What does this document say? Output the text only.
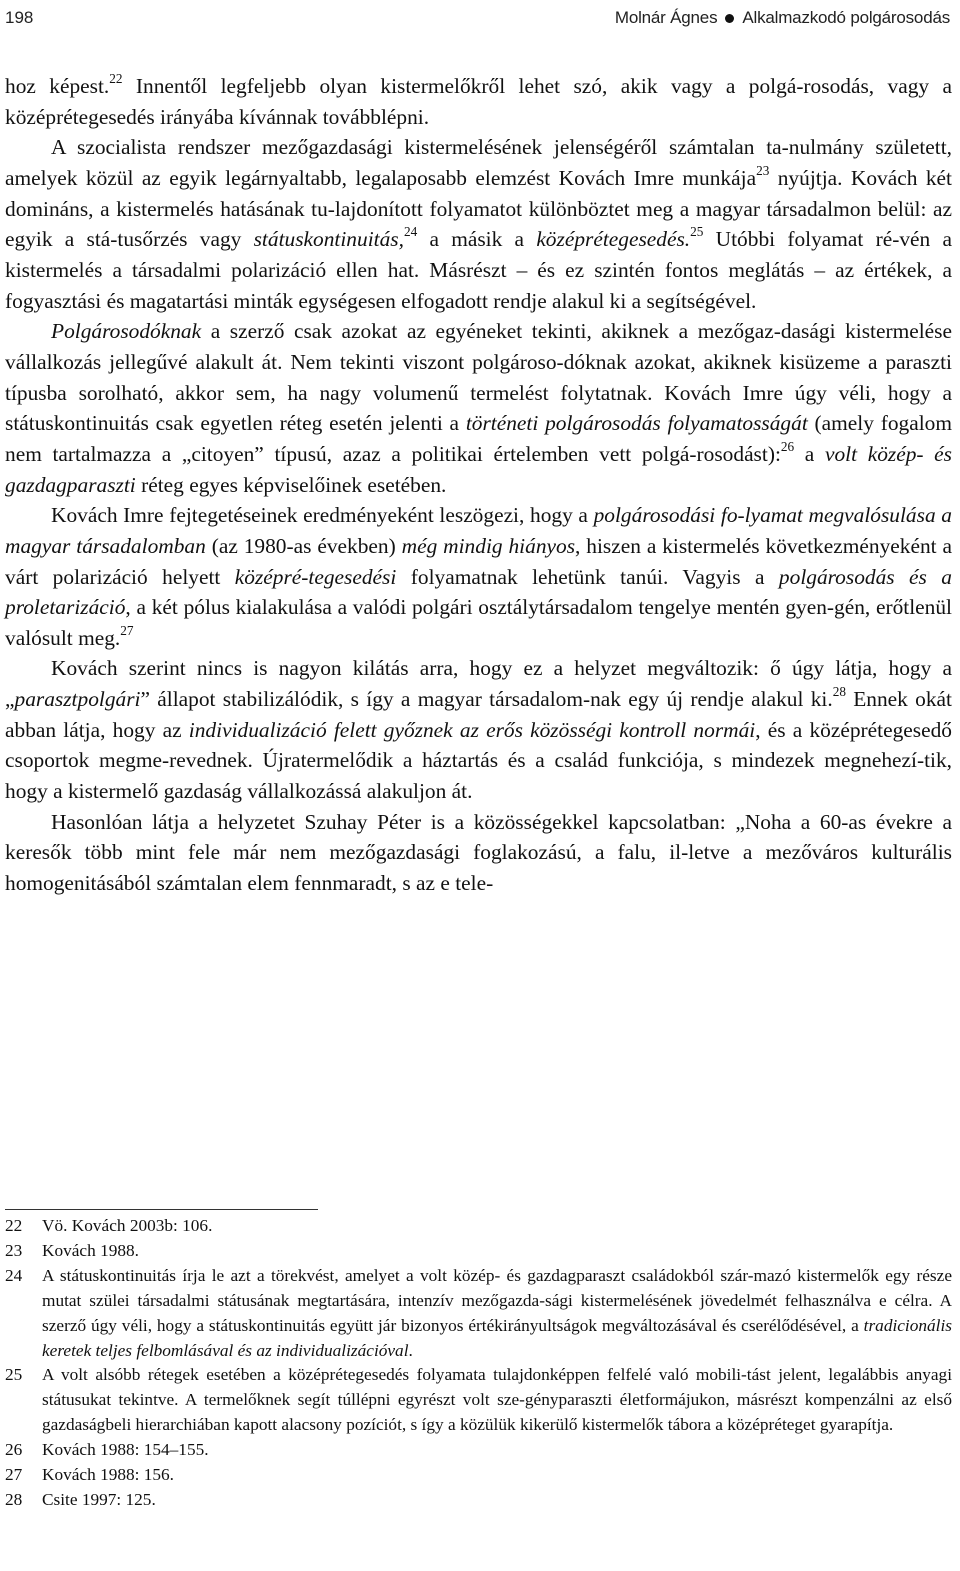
198	Molnár Ágnes Alkalmazkodó polgárosodás

hoz képest.$^{22}$ Innentől legfeljebb olyan kistermelőkről lehet szó, akik vagy a polgá-rosodás, vagy a középrétegesedés irányába kívánnak továbblépni.

A szocialista rendszer mezőgazdasági kistermelésének jelenségéről számtalan ta-nulmány született, amelyek közül az egyik legárnyaltabb, legalaposabb elemzést Kovách Imre munkája$^{23}$ nyújtja. Kovách két domináns, a kistermelés hatásának tu-lajdonított folyamatot különböztet meg a magyar társadalmon belül: az egyik a stá-tusőrzés vagy státuskontinuitás,$^{24}$ a másik a középrétegesedés.$^{25}$ Utóbbi folyamat ré-vén a kistermelés a társadalmi polarizáció ellen hat. Másrészt – és ez szintén fontos meglátás – az értékek, a fogyasztási és magatartási minták egységesen elfogadott rendje alakul ki a segítségével.

Polgárosodóknak a szerző csak azokat az egyéneket tekinti, akiknek a mezőgaz-dasági kistermelése vállalkozás jellegűvé alakult át. Nem tekinti viszont polgároso-dóknak azokat, akiknek kisüzeme a paraszti típusba sorolható, akkor sem, ha nagy volumenű termelést folytatnak. Kovách Imre úgy véli, hogy a státuskontinuitás csak egyetlen réteg esetén jelenti a történeti polgárosodás folyamatosságát (amely fogalom nem tartalmazza a „citoyen” típusú, azaz a politikai értelemben vett polgá-rosodást):$^{26}$ a volt közép- és gazdagparaszti réteg egyes képviselőinek esetében.

Kovách Imre fejtegetéseinek eredményeként leszögezi, hogy a polgárosodási fo-lyamat megvalósulása a magyar társadalomban (az 1980-as években) még mindig hiányos, hiszen a kistermelés következményeként a várt polarizáció helyett középré-tegesedési folyamatnak lehetünk tanúi. Vagyis a polgárosodás és a proletarizáció, a két pólus kialakulása a valódi polgári osztálytársadalom tengelye mentén gyen-gén, erőtlenül valósult meg.$^{27}$

Kovách szerint nincs is nagyon kilátás arra, hogy ez a helyzet megváltozik: ő úgy látja, hogy a „parasztpolgári” állapot stabilizálódik, s így a magyar társadalom-nak egy új rendje alakul ki.$^{28}$ Ennek okát abban látja, hogy az individualizáció felett győznek az erős közösségi kontroll normái, és a középrétegesedő csoportok megme-revednek. Újratermelődik a háztartás és a család funkciója, s mindezek megnehezí-tik, hogy a kistermelő gazdaság vállalkozássá alakuljon át.

Hasonlóan látja a helyzetet Szuhay Péter is a közösségekkel kapcsolatban: „Noha a 60-as évekre a keresők több mint fele már nem mezőgazdasági foglakozású, a falu, il-letve a mezőváros kulturális homogenitásából számtalan elem fennmaradt, s az e tele-

22	Vö. Kovách 2003b: 106.
23	Kovách 1988.
24	A státuskontinuitás írja le azt a törekvést, amelyet a volt közép- és gazdagparaszt családokból szár-mazó kistermelők egy része mutat szülei társadalmi státusának megtartására, intenzív mezőgazda-sági kistermelésének jövedelmét felhasználva e célra. A szerző úgy véli, hogy a státuskontinuitás együtt jár bizonyos értékirányultságok megváltozásával és cserélődésével, a tradicionális keretek teljes felbomlásával és az individualizációval.
25	A volt alsóbb rétegek esetében a középrétegesedés folyamata tulajdonképpen felfelé való mobili-tást jelent, legalábbis anyagi státusukat tekintve. A termelőknek segít túllépni egyrészt volt sze-gényparaszti életformájukon, másrészt kompenzálni az első gazdaságbeli hierarchiában kapott alacsony pozíciót, s így a közülük kikerülő kistermelők tábora a középréteget gyarapítja.
26	Kovách 1988: 154–155.
27	Kovách 1988: 156.
28	Csite 1997: 125.
